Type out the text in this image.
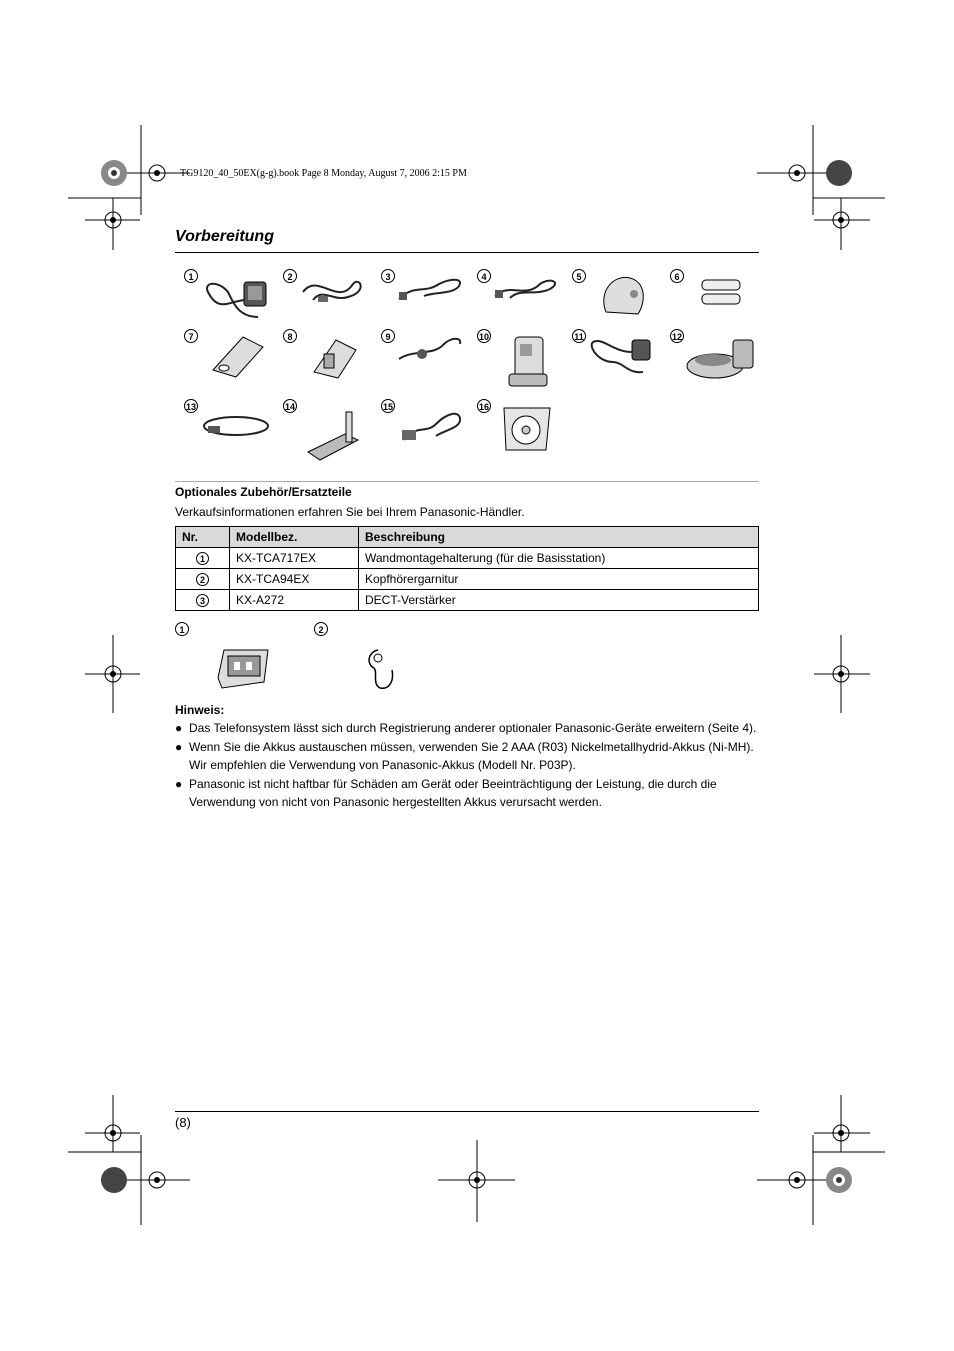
TG9120_40_50EX(g-g).book Page 8 Monday, August 7, 2006 2:15 PM
Vorbereitung
1	2	3	4	5	6
7	8	9	10	11	12
13	14	15	16
Optionales Zubehör/Ersatzteile
Verkaufsinformationen erfahren Sie bei Ihrem Panasonic-Händler.
Nr.	Modellbez.	Beschreibung
1	KX-TCA717EX	Wandmontagehalterung (für die Basisstation)
2	KX-TCA94EX	Kopfhörergarnitur
3	KX-A272	DECT-Verstärker
1	2
Hinweis:
● Das Telefonsystem lässt sich durch Registrierung anderer optionaler Panasonic-Geräte erweitern (Seite 4).
● Wenn Sie die Akkus austauschen müssen, verwenden Sie 2 AAA (R03) Nickelmetallhydrid-Akkus (Ni-MH). Wir empfehlen die Verwendung von Panasonic-Akkus (Modell Nr. P03P).
● Panasonic ist nicht haftbar für Schäden am Gerät oder Beeinträchtigung der Leistung, die durch die Verwendung von nicht von Panasonic hergestellten Akkus verursacht werden.
(8)
